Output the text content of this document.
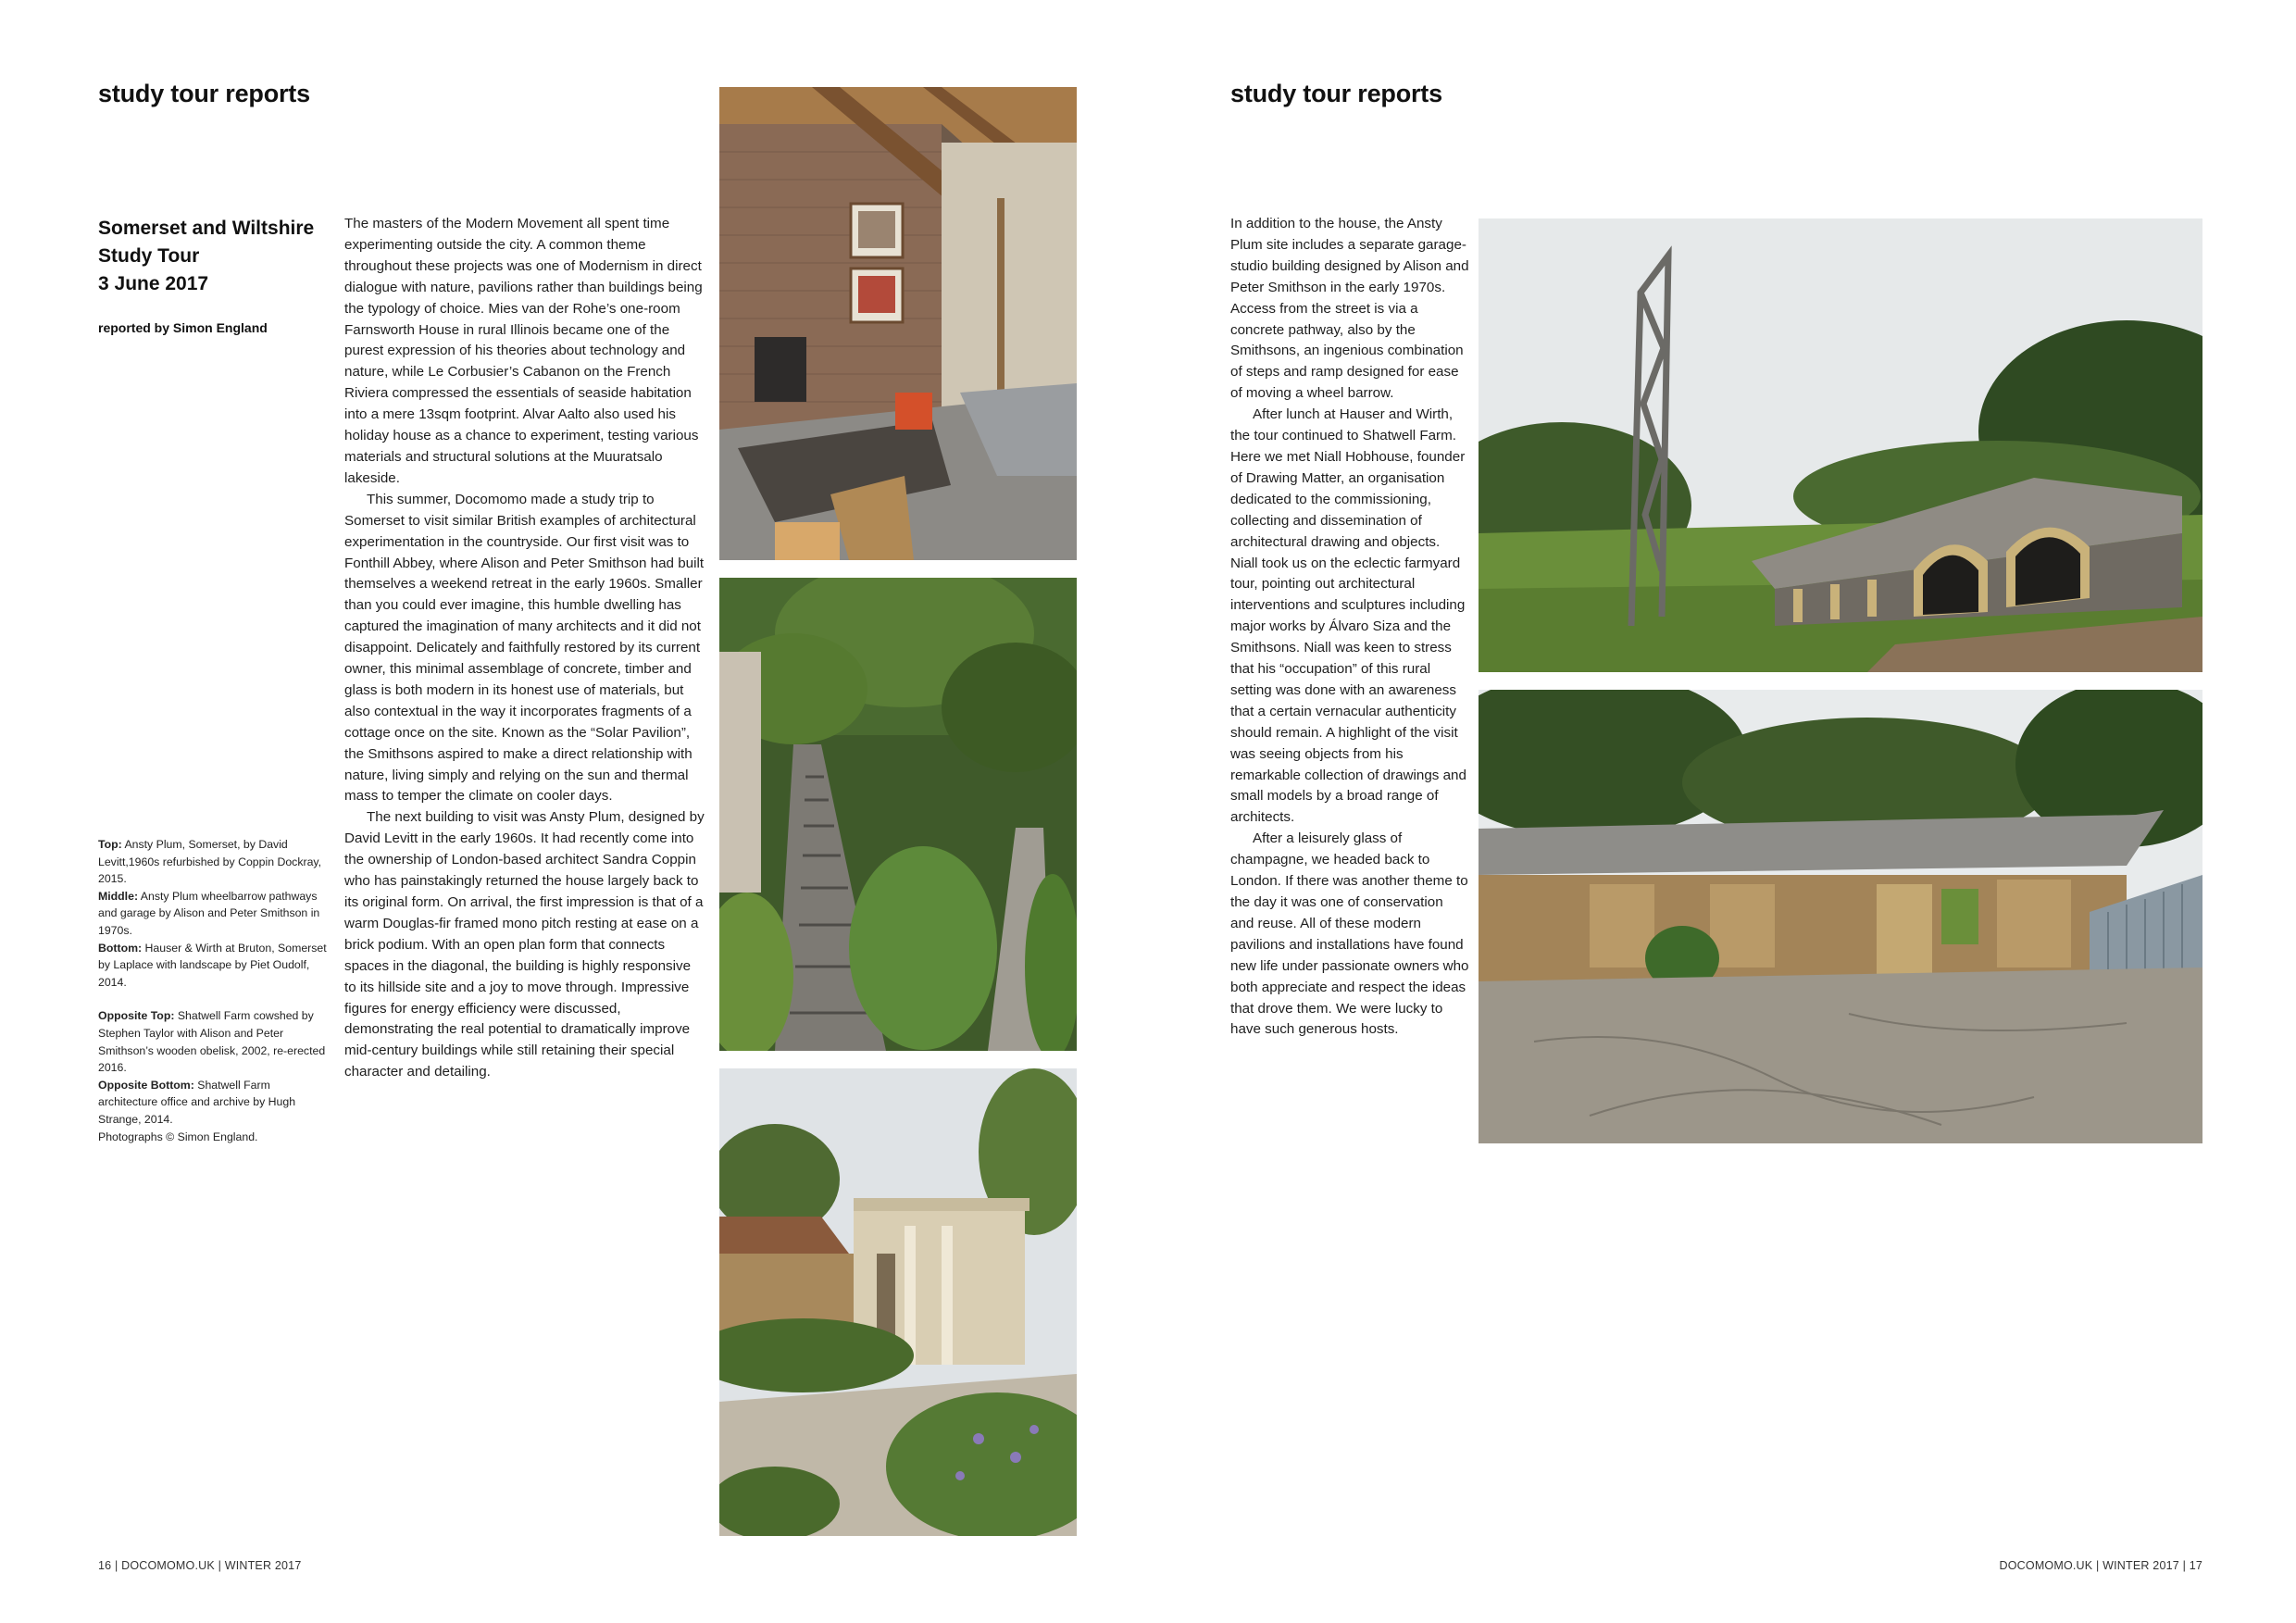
study tour reports
Somerset and Wiltshire
Study Tour
3 June 2017

reported by Simon England

Top: Ansty Plum, Somerset, by David Levitt,1960s refurbished by Coppin Dockray, 2015.

Middle: Ansty Plum wheelbarrow pathways and garage by Alison and Peter Smithson in 1970s.

Bottom: Hauser & Wirth at Bruton, Somerset by Laplace with landscape by Piet Oudolf, 2014.

Opposite Top: Shatwell Farm cowshed by Stephen Taylor with Alison and Peter Smithson’s wooden obelisk, 2002, re-erected 2016.

Opposite Bottom: Shatwell Farm architecture office and archive by Hugh Strange, 2014.

Photographs © Simon England.

The masters of the Modern Movement all spent time experimenting outside the city. A common theme throughout these projects was one of Modernism in direct dialogue with nature, pavilions rather than buildings being the typology of choice. Mies van der Rohe’s one-room Farnsworth House in rural Illinois became one of the purest expression of his theories about technology and nature, while Le Corbusier’s Cabanon on the French Riviera compressed the essentials of seaside habitation into a mere 13sqm footprint. Alvar Aalto also used his holiday house as a chance to experiment, testing various materials and structural solutions at the Muuratsalo lakeside.

This summer, Docomomo made a study trip to Somerset to visit similar British examples of architectural experimentation in the countryside. Our first visit was to Fonthill Abbey, where Alison and Peter Smithson had built themselves a weekend retreat in the early 1960s. Smaller than you could ever imagine, this humble dwelling has captured the imagination of many architects and it did not disappoint. Delicately and faithfully restored by its current owner, this minimal assemblage of concrete, timber and glass is both modern in its honest use of materials, but also contextual in the way it incorporates fragments of a cottage once on the site. Known as the “Solar Pavilion”, the Smithsons aspired to make a direct relationship with nature, living simply and relying on the sun and thermal mass to temper the climate on cooler days.

The next building to visit was Ansty Plum, designed by David Levitt in the early 1960s. It had recently come into the ownership of London-based architect Sandra Coppin who has painstakingly returned the house largely back to its original form. On arrival, the first impression is that of a warm Douglas-fir framed mono pitch resting at ease on a brick podium. With an open plan form that connects spaces in the diagonal, the building is highly responsive to its hillside site and a joy to move through. Impressive figures for energy efficiency were discussed, demonstrating the real potential to dramatically improve mid-century buildings while still retaining their special character and detailing.

16 | DOCOMOMO.UK | WINTER 2017
study tour reports

In addition to the house, the Ansty Plum site includes a separate garage-studio building designed by Alison and Peter Smithson in the early 1970s. Access from the street is via a concrete pathway, also by the Smithsons, an ingenious combination of steps and ramp designed for ease of moving a wheel barrow.

After lunch at Hauser and Wirth, the tour continued to Shatwell Farm. Here we met Niall Hobhouse, founder of Drawing Matter, an organisation dedicated to the commissioning, collecting and dissemination of architectural drawing and objects. Niall took us on the eclectic farmyard tour, pointing out architectural interventions and sculptures including major works by Álvaro Siza and the Smithsons. Niall was keen to stress that his “occupation” of this rural setting was done with an awareness that a certain vernacular authenticity should remain. A highlight of the visit was seeing objects from his remarkable collection of drawings and small models by a broad range of architects.

After a leisurely glass of champagne, we headed back to London. If there was another theme to the day it was one of conservation and reuse. All of these modern pavilions and installations have found new life under passionate owners who both appreciate and respect the ideas that drove them. We were lucky to have such generous hosts.

DOCOMOMO.UK | WINTER 2017 | 17
